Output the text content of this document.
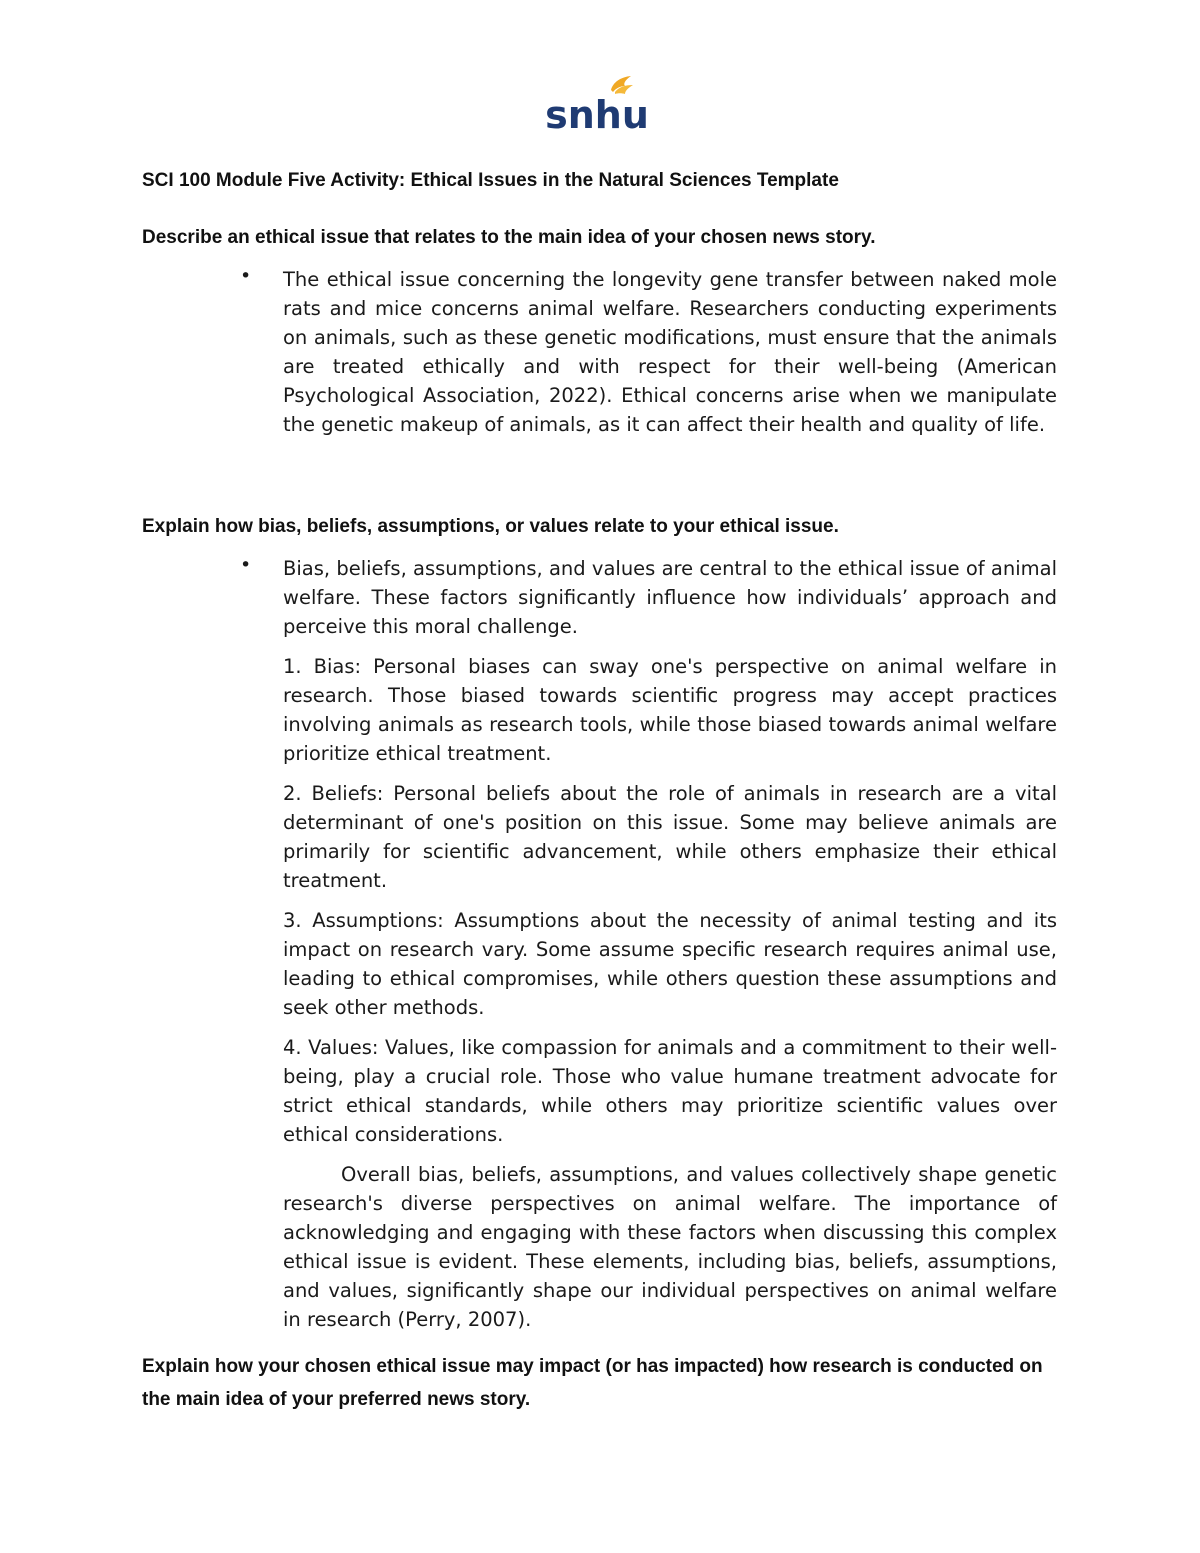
snhu
SCI 100 Module Five Activity: Ethical Issues in the Natural Sciences Template
Describe an ethical issue that relates to the main idea of your chosen news story.
• The ethical issue concerning the longevity gene transfer between naked mole rats and mice concerns animal welfare. Researchers conducting experiments on animals, such as these genetic modifications, must ensure that the animals are treated ethically and with respect for their well-being (American Psychological Association, 2022). Ethical concerns arise when we manipulate the genetic makeup of animals, as it can affect their health and quality of life.

Explain how bias, beliefs, assumptions, or values relate to your ethical issue.
• Bias, beliefs, assumptions, and values are central to the ethical issue of animal welfare. These factors significantly influence how individuals’ approach and perceive this moral challenge.

1. Bias: Personal biases can sway one's perspective on animal welfare in research. Those biased towards scientific progress may accept practices involving animals as research tools, while those biased towards animal welfare prioritize ethical treatment.

2. Beliefs: Personal beliefs about the role of animals in research are a vital determinant of one's position on this issue. Some may believe animals are primarily for scientific advancement, while others emphasize their ethical treatment.

3. Assumptions: Assumptions about the necessity of animal testing and its impact on research vary. Some assume specific research requires animal use, leading to ethical compromises, while others question these assumptions and seek other methods.

4. Values: Values, like compassion for animals and a commitment to their well-being, play a crucial role. Those who value humane treatment advocate for strict ethical standards, while others may prioritize scientific values over ethical considerations.

Overall bias, beliefs, assumptions, and values collectively shape genetic research's diverse perspectives on animal welfare. The importance of acknowledging and engaging with these factors when discussing this complex ethical issue is evident. These elements, including bias, beliefs, assumptions, and values, significantly shape our individual perspectives on animal welfare in research (Perry, 2007).

Explain how your chosen ethical issue may impact (or has impacted) how research is conducted on the main idea of your preferred news story.
